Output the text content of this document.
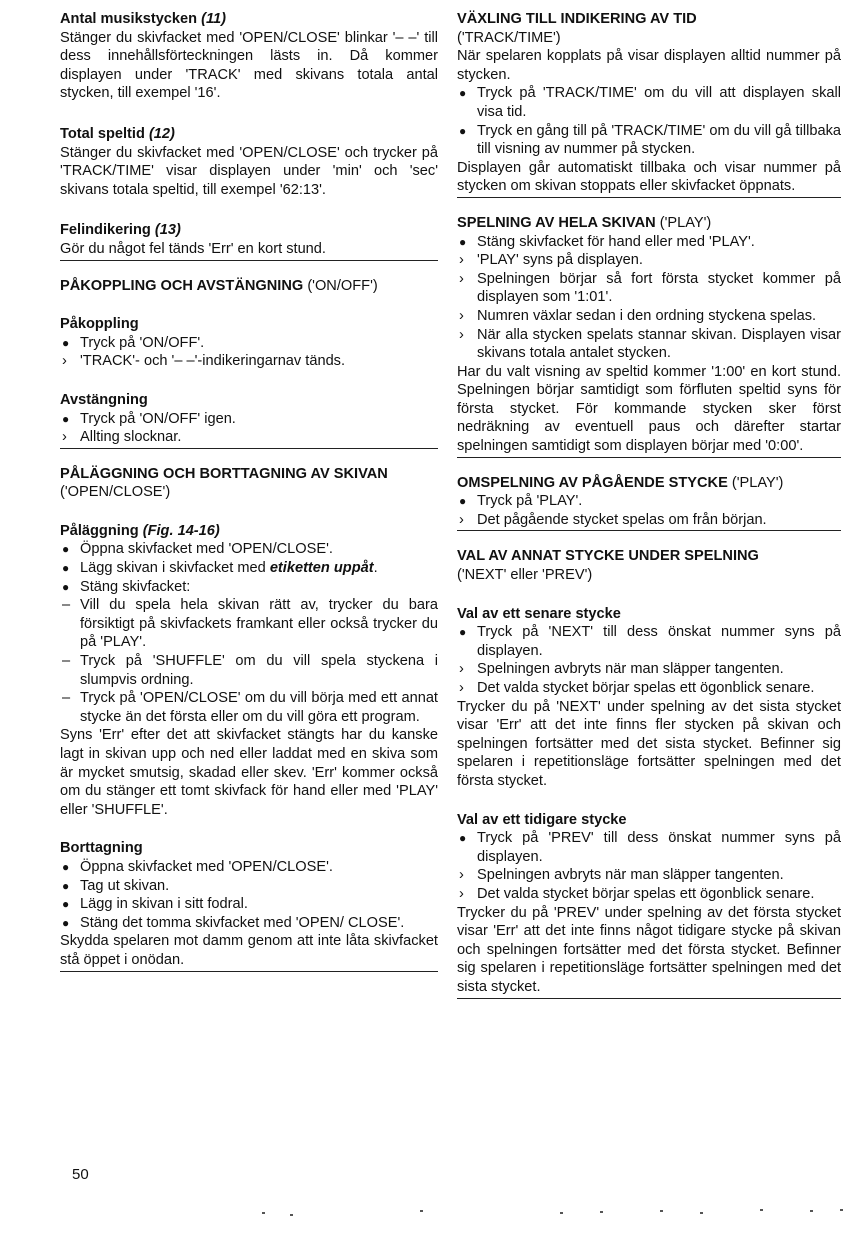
Antal musikstycken (11)

Stänger du skivfacket med 'OPEN/CLOSE' blinkar '– –' till dess innehållsförteckningen lästs in. Då kommer displayen under 'TRACK' med skivans totala antal stycken, till exempel '16'.

Total speltid (12)

Stänger du skivfacket med 'OPEN/CLOSE' och trycker på 'TRACK/TIME' visar displayen under 'min' och 'sec' skivans totala speltid, till exempel '62:13'.

Felindikering (13)

Gör du något fel tänds 'Err' en kort stund.

PÅKOPPLING OCH AVSTÄNGNING ('ON/OFF')
Påkoppling
● Tryck på 'ON/OFF'.
› 'TRACK'- och '– –'-indikeringarnav tänds.
Avstängning
● Tryck på 'ON/OFF' igen.
› Allting slocknar.
PÅLÄGGNING OCH BORTTAGNING AV SKIVAN
('OPEN/CLOSE')
Påläggning (Fig. 14-16)
● Öppna skivfacket med 'OPEN/CLOSE'.
● Lägg skivan i skivfacket med etiketten uppåt.
● Stäng skivfacket:
– Vill du spela hela skivan rätt av, trycker du bara försiktigt på skivfackets framkant eller också trycker du på 'PLAY'.
– Tryck på 'SHUFFLE' om du vill spela styckena i slumpvis ordning.
– Tryck på 'OPEN/CLOSE' om du vill börja med ett annat stycke än det första eller om du vill göra ett program.

Syns 'Err' efter det att skivfacket stängts har du kanske lagt in skivan upp och ned eller laddat med en skiva som är mycket smutsig, skadad eller skev. 'Err' kommer också om du stänger ett tomt skivfack för hand eller med 'PLAY' eller 'SHUFFLE'.

Borttagning
● Öppna skivfacket med 'OPEN/CLOSE'.
● Tag ut skivan.
● Lägg in skivan i sitt fodral.
● Stäng det tomma skivfacket med 'OPEN/ CLOSE'.

Skydda spelaren mot damm genom att inte låta skivfacket stå öppet i onödan.

VÄXLING TILL INDIKERING AV TID
('TRACK/TIME')

När spelaren kopplats på visar displayen alltid nummer på stycken.

● Tryck på 'TRACK/TIME' om du vill att displayen skall visa tid.
● Tryck en gång till på 'TRACK/TIME' om du vill gå tillbaka till visning av nummer på stycken.

Displayen går automatiskt tillbaka och visar nummer på stycken om skivan stoppats eller skivfacket öppnats.

SPELNING AV HELA SKIVAN ('PLAY')
● Stäng skivfacket för hand eller med 'PLAY'.
› 'PLAY' syns på displayen.
› Spelningen börjar så fort första stycket kommer på displayen som '1:01'.
› Numren växlar sedan i den ordning styckena spelas.
› När alla stycken spelats stannar skivan. Displayen visar skivans totala antalet stycken.

Har du valt visning av speltid kommer '1:00' en kort stund. Spelningen börjar samtidigt som förfluten speltid syns för första stycket. För kommande stycken sker först nedräkning av eventuell paus och därefter startar spelningen samtidigt som displayen börjar med '0:00'.

OMSPELNING AV PÅGÅENDE STYCKE ('PLAY')
● Tryck på 'PLAY'.
› Det pågående stycket spelas om från början.
VAL AV ANNAT STYCKE UNDER SPELNING
('NEXT' eller 'PREV')
Val av ett senare stycke
● Tryck på 'NEXT' till dess önskat nummer syns på displayen.
› Spelningen avbryts när man släpper tangenten.
› Det valda stycket börjar spelas ett ögonblick senare.

Trycker du på 'NEXT' under spelning av det sista stycket visar 'Err' att det inte finns fler stycken på skivan och spelningen fortsätter med det sista stycket. Befinner sig spelaren i repetitionsläge fortsätter spelningen med det första stycket.

Val av ett tidigare stycke
● Tryck på 'PREV' till dess önskat nummer syns på displayen.
› Spelningen avbryts när man släpper tangenten.
› Det valda stycket börjar spelas ett ögonblick senare.

Trycker du på 'PREV' under spelning av det första stycket visar 'Err' att det inte finns något tidigare stycke på skivan och spelningen fortsätter med det första stycket. Befinner sig spelaren i repetitionsläge fortsätter spelningen med det sista stycket.

50
